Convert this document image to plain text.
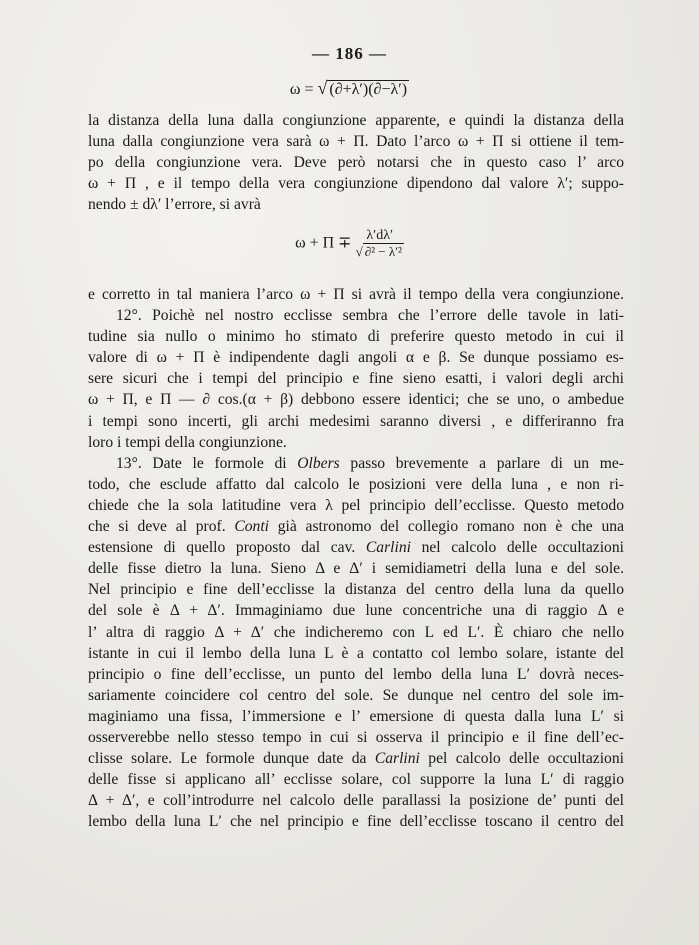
— 186 —
ω = √ (∂+λ′)(∂−λ′)
la distanza della luna dalla congiunzione apparente, e quindi la distanza della
luna dalla congiunzione vera sarà ω + Π. Dato l’arco ω + Π si ottiene il tem-
po della congiunzione vera. Deve però notarsi che in questo caso l’ arco
ω + Π , e il tempo della vera congiunzione dipendono dal valore λ′; suppo-
nendo ± dλ′ l’errore, si avrà
ω + Π ∓	λ′dλ′
√ ∂² − λ′²
e corretto in tal maniera l’arco ω + Π si avrà il tempo della vera congiunzione.
12°. Poichè nel nostro ecclisse sembra che l’errore delle tavole in lati-
tudine sia nullo o minimo ho stimato di preferire questo metodo in cui il
valore di ω + Π è indipendente dagli angoli α e β. Se dunque possiamo es-
sere sicuri che i tempi del principio e fine sieno esatti, i valori degli archi
ω + Π, e Π — ∂ cos.(α + β) debbono essere identici; che se uno, o ambedue
i tempi sono incerti, gli archi medesimi saranno diversi , e differiranno fra
loro i tempi della congiunzione.
13°. Date le formole di Olbers passo brevemente a parlare di un me-
todo, che esclude affatto dal calcolo le posizioni vere della luna , e non ri-
chiede che la sola latitudine vera λ pel principio dell’ecclisse. Questo metodo
che si deve al prof. Conti già astronomo del collegio romano non è che una
estensione di quello proposto dal cav. Carlini nel calcolo delle occultazioni
delle fisse dietro la luna. Sieno Δ e Δ′ i semidiametri della luna e del sole.
Nel principio e fine dell’ecclisse la distanza del centro della luna da quello
del sole è Δ + Δ′. Immaginiamo due lune concentriche una di raggio Δ e
l’ altra di raggio Δ + Δ′ che indicheremo con L ed L′. È chiaro che nello
istante in cui il lembo della luna L è a contatto col lembo solare, istante del
principio o fine dell’ecclisse, un punto del lembo della luna L′ dovrà neces-
sariamente coincidere col centro del sole. Se dunque nel centro del sole im-
maginiamo una fissa, l’immersione e l’ emersione di questa dalla luna L′ si
osserverebbe nello stesso tempo in cui si osserva il principio e il fine dell’ec-
clisse solare. Le formole dunque date da Carlini pel calcolo delle occultazioni
delle fisse si applicano all’ ecclisse solare, col supporre la luna L′ di raggio
Δ + Δ′, e coll’introdurre nel calcolo delle parallassi la posizione de’ punti del
lembo della luna L′ che nel principio e fine dell’ecclisse toscano il centro del
